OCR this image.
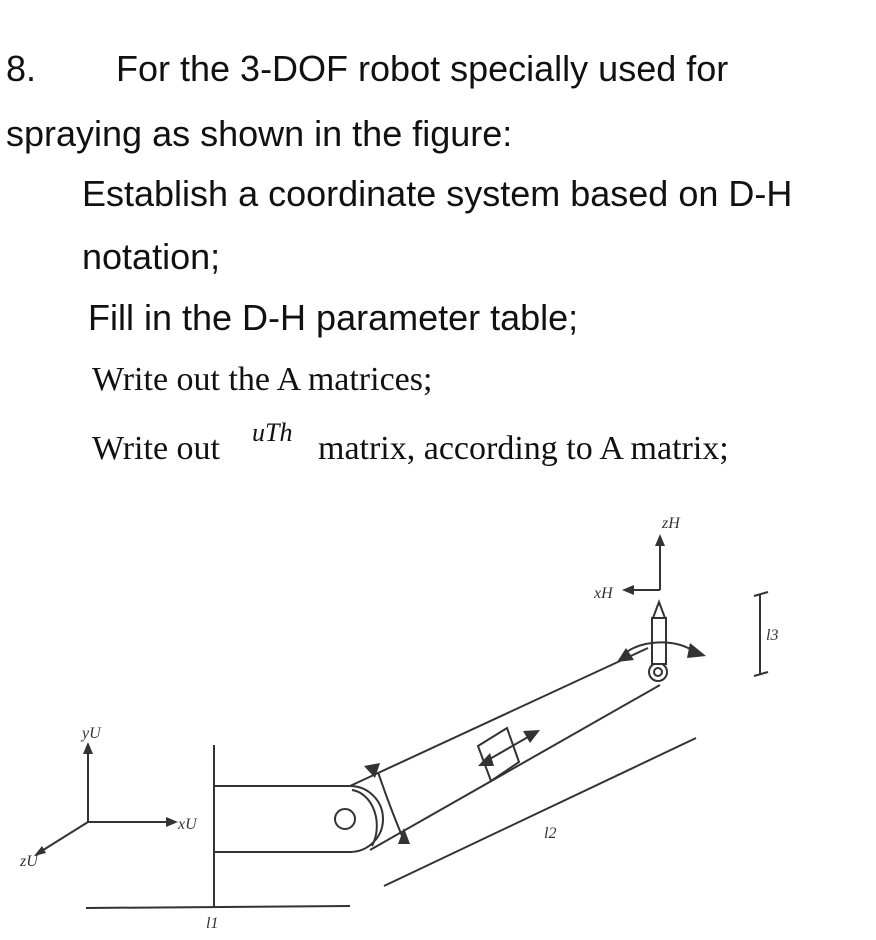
8. For the 3-DOF robot specially used for
spraying as shown in the figure:
Establish a coordinate system based on D-H
notation;
Fill in the D-H parameter table;
Write out the A matrices;
Write out uTh matrix, according to A matrix;
yU
xU
zU
zH
xH
l1
l2
l3
